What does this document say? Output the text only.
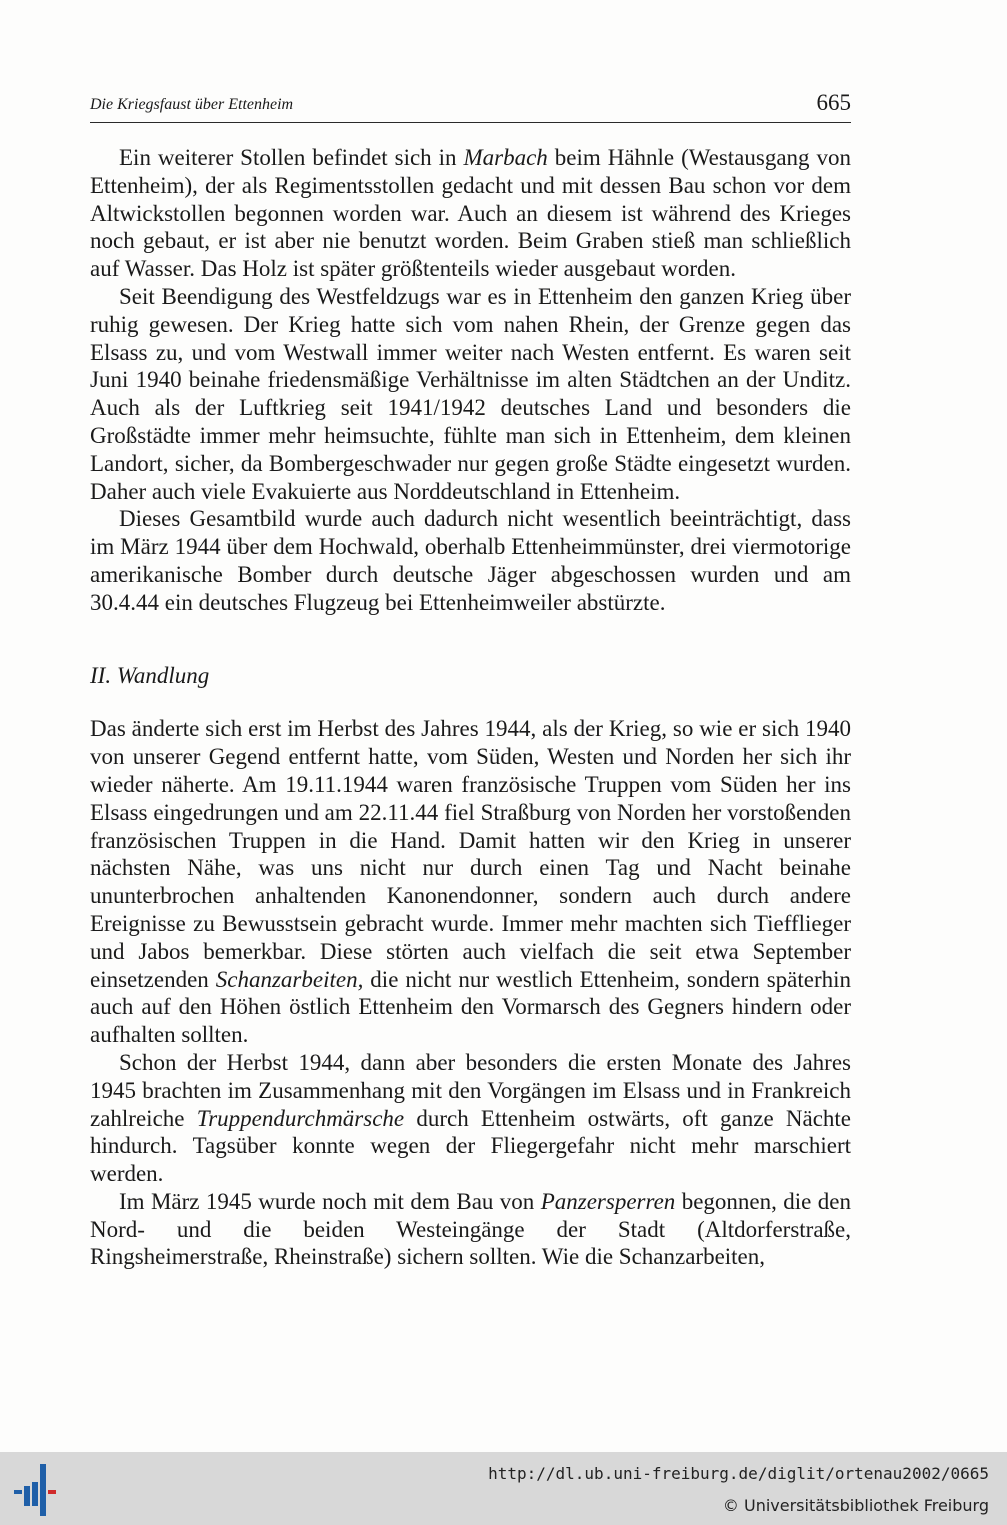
Die Kriegsfaust über Ettenheim	665

Ein weiterer Stollen befindet sich in Marbach beim Hähnle (Westausgang von Ettenheim), der als Regimentsstollen gedacht und mit dessen Bau schon vor dem Altwickstollen begonnen worden war. Auch an diesem ist während des Krieges noch gebaut, er ist aber nie benutzt worden. Beim Graben stieß man schließlich auf Wasser. Das Holz ist später größtenteils wieder ausgebaut worden.

Seit Beendigung des Westfeldzugs war es in Ettenheim den ganzen Krieg über ruhig gewesen. Der Krieg hatte sich vom nahen Rhein, der Grenze gegen das Elsass zu, und vom Westwall immer weiter nach Westen entfernt. Es waren seit Juni 1940 beinahe friedensmäßige Verhältnisse im alten Städtchen an der Unditz. Auch als der Luftkrieg seit 1941/1942 deutsches Land und besonders die Großstädte immer mehr heimsuchte, fühlte man sich in Ettenheim, dem kleinen Landort, sicher, da Bombergeschwader nur gegen große Städte eingesetzt wurden. Daher auch viele Evakuierte aus Norddeutschland in Ettenheim.

Dieses Gesamtbild wurde auch dadurch nicht wesentlich beeinträchtigt, dass im März 1944 über dem Hochwald, oberhalb Ettenheimmünster, drei viermotorige amerikanische Bomber durch deutsche Jäger abgeschossen wurden und am 30.4.44 ein deutsches Flugzeug bei Ettenheimweiler abstürzte.

II. Wandlung

Das änderte sich erst im Herbst des Jahres 1944, als der Krieg, so wie er sich 1940 von unserer Gegend entfernt hatte, vom Süden, Westen und Norden her sich ihr wieder näherte. Am 19.11.1944 waren französische Truppen vom Süden her ins Elsass eingedrungen und am 22.11.44 fiel Straßburg von Norden her vorstoßenden französischen Truppen in die Hand. Damit hatten wir den Krieg in unserer nächsten Nähe, was uns nicht nur durch einen Tag und Nacht beinahe ununterbrochen anhaltenden Kanonendonner, sondern auch durch andere Ereignisse zu Bewusstsein gebracht wurde. Immer mehr machten sich Tiefflieger und Jabos bemerkbar. Diese störten auch vielfach die seit etwa September einsetzenden Schanzarbeiten, die nicht nur westlich Ettenheim, sondern späterhin auch auf den Höhen östlich Ettenheim den Vormarsch des Gegners hindern oder aufhalten sollten.

Schon der Herbst 1944, dann aber besonders die ersten Monate des Jahres 1945 brachten im Zusammenhang mit den Vorgängen im Elsass und in Frankreich zahlreiche Truppendurchmärsche durch Ettenheim ostwärts, oft ganze Nächte hindurch. Tagsüber konnte wegen der Fliegergefahr nicht mehr marschiert werden.

Im März 1945 wurde noch mit dem Bau von Panzersperren begonnen, die den Nord- und die beiden Westeingänge der Stadt (Altdorferstraße, Ringsheimerstraße, Rheinstraße) sichern sollten. Wie die Schanzarbeiten,

http://dl.ub.uni-freiburg.de/diglit/ortenau2002/0665
© Universitätsbibliothek Freiburg
